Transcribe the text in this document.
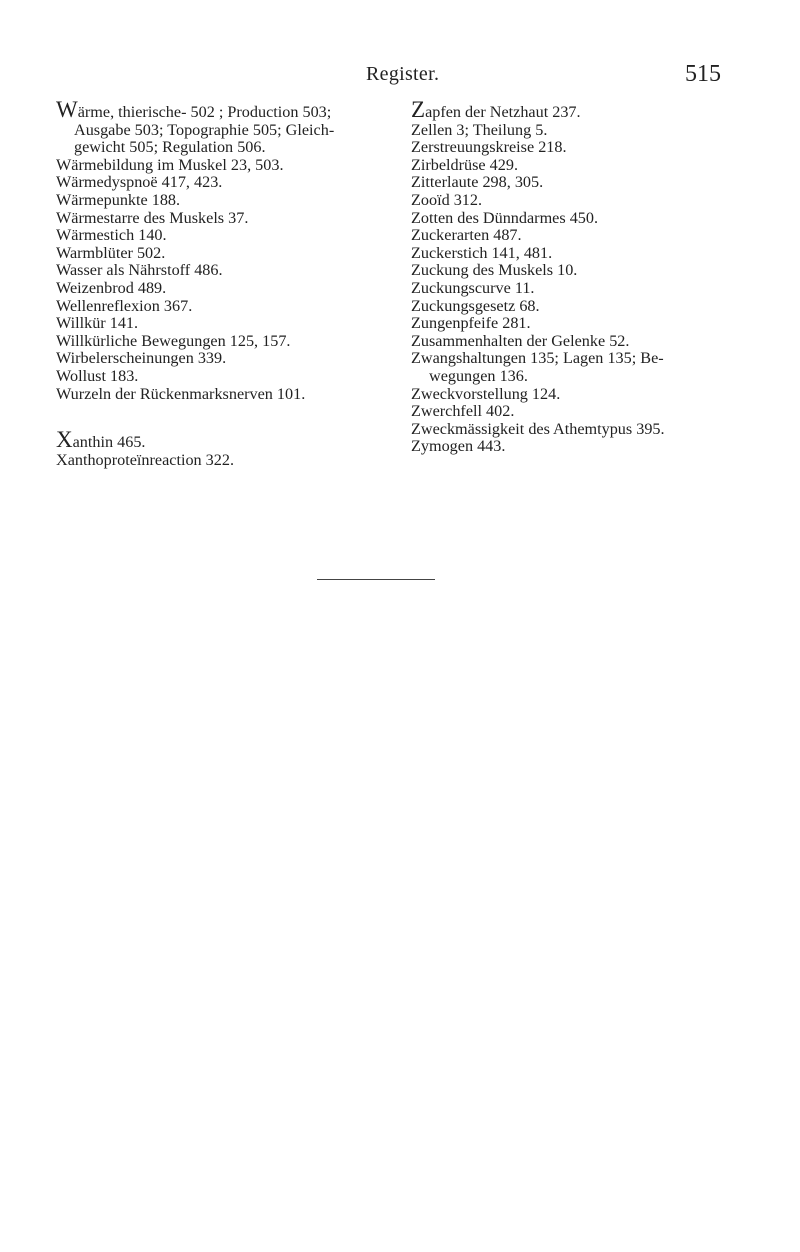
Register.	515
Wärme, thierische- 502 ; Production 503;
Ausgabe 503; Topographie 505; Gleich-
gewicht 505; Regulation 506.
Wärmebildung im Muskel 23, 503.
Wärmedyspnoë 417, 423.
Wärmepunkte 188.
Wärmestarre des Muskels 37.
Wärmestich 140.
Warmblüter 502.
Wasser als Nährstoff 486.
Weizenbrod 489.
Wellenreflexion 367.
Willkür 141.
Willkürliche Bewegungen 125, 157.
Wirbelerscheinungen 339.
Wollust 183.
Wurzeln der Rückenmarksnerven 101.
Xanthin 465.
Xanthoproteïnreaction 322.
Zapfen der Netzhaut 237.
Zellen 3; Theilung 5.
Zerstreuungskreise 218.
Zirbeldrüse 429.
Zitterlaute 298, 305.
Zooïd 312.
Zotten des Dünndarmes 450.
Zuckerarten 487.
Zuckerstich 141, 481.
Zuckung des Muskels 10.
Zuckungscurve 11.
Zuckungsgesetz 68.
Zungenpfeife 281.
Zusammenhalten der Gelenke 52.
Zwangshaltungen 135; Lagen 135; Be-
wegungen 136.
Zweckvorstellung 124.
Zwerchfell 402.
Zweckmässigkeit des Athemtypus 395.
Zymogen 443.
